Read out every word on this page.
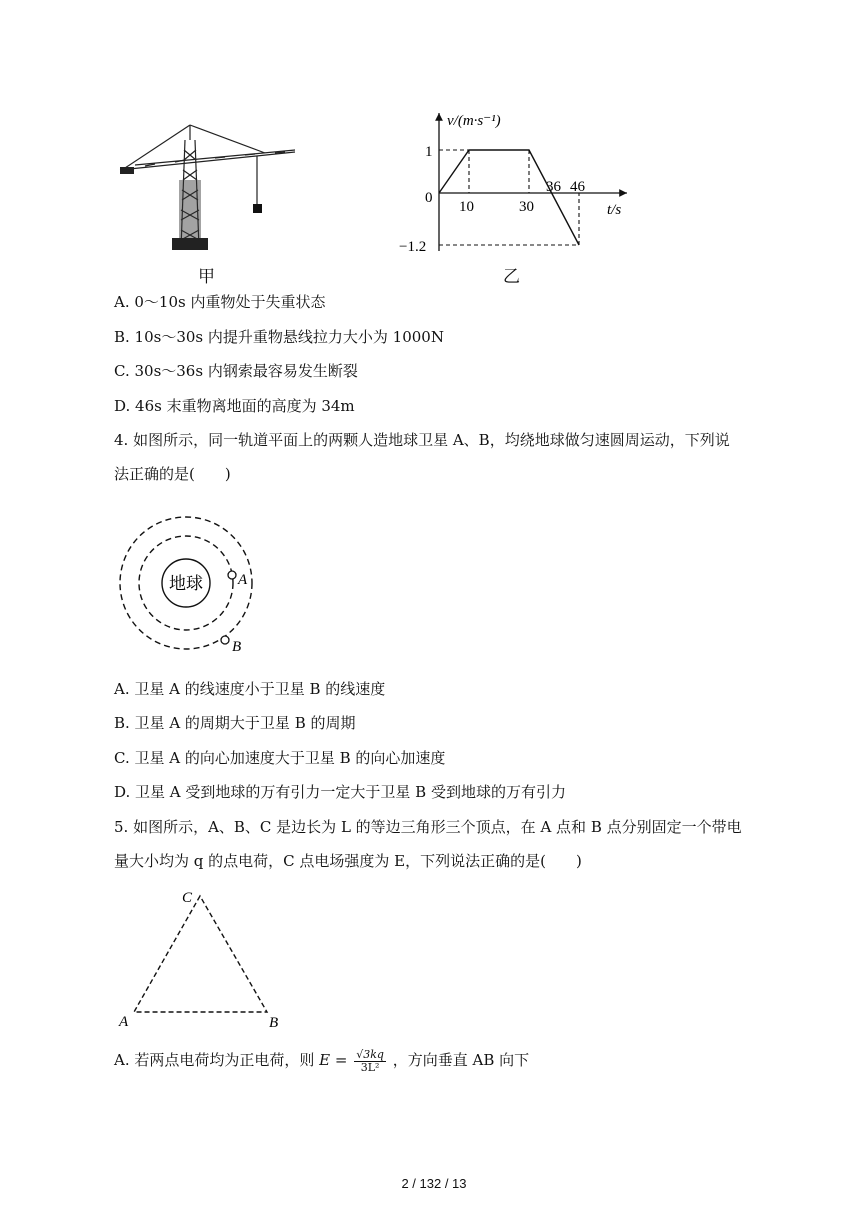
甲
v/(m·s⁻¹)
0
1
−1.2
10	30
36 46
t/s
乙
A. 0～10s 内重物处于失重状态
B. 10s～30s 内提升重物悬线拉力大小为 1000N
C. 30s～36s 内钢索最容易发生断裂
D. 46s 末重物离地面的高度为 34m
4. 如图所示，同一轨道平面上的两颗人造地球卫星 A、B，均绕地球做匀速圆周运动，下列说
法正确的是(　　)
地球 A
B
A. 卫星 A 的线速度小于卫星 B 的线速度
B. 卫星 A 的周期大于卫星 B 的周期
C. 卫星 A 的向心加速度大于卫星 B 的向心加速度
D. 卫星 A 受到地球的万有引力一定大于卫星 B 受到地球的万有引力
5. 如图所示，A、B、C 是边长为 L 的等边三角形三个顶点，在 A 点和 B 点分别固定一个带电
量大小均为 q 的点电荷，C 点电场强度为 E，下列说法正确的是(　　)
C
A	B
A. 若两点电荷均为正电荷，则 $E = \frac{√3kq}{\text{3L²}}$ ，方向垂直 AB 向下
2 / 132 / 13
